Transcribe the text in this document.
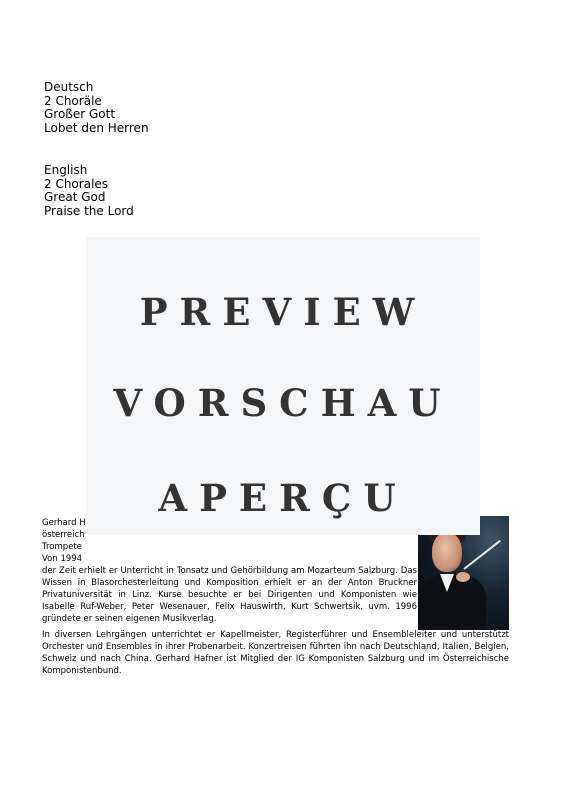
Deutsch
2 Choräle
Großer Gott
Lobet den Herren
English
2 Chorales
Great God
Praise the Lord

Gerhard H
österreich
Trompete
Von 1994
der Zeit erhielt er Unterricht in Tonsatz und Gehörbildung am Mozarteum Salzburg. Das Wissen in Blasorchesterleitung und Komposition erhielt er an der Anton Bruckner Privatuniversität in Linz. Kurse besuchte er bei Dirigenten und Komponisten wie Isabelle Ruf-Weber, Peter Wesenauer, Felix Hauswirth, Kurt Schwertsik, uvm. 1996 gründete er seinen eigenen Musikverlag.

In diversen Lehrgängen unterrichtet er Kapellmeister, Registerführer und Ensembleleiter und unterstützt Orchester und Ensembles in ihrer Probenarbeit. Konzertreisen führten ihn nach Deutschland, Italien, Belgien, Schweiz und nach China. Gerhard Hafner ist Mitglied der IG Komponisten Salzburg und im Österreichische Komponistenbund.

PREVIEW
VORSCHAU
APERÇU
